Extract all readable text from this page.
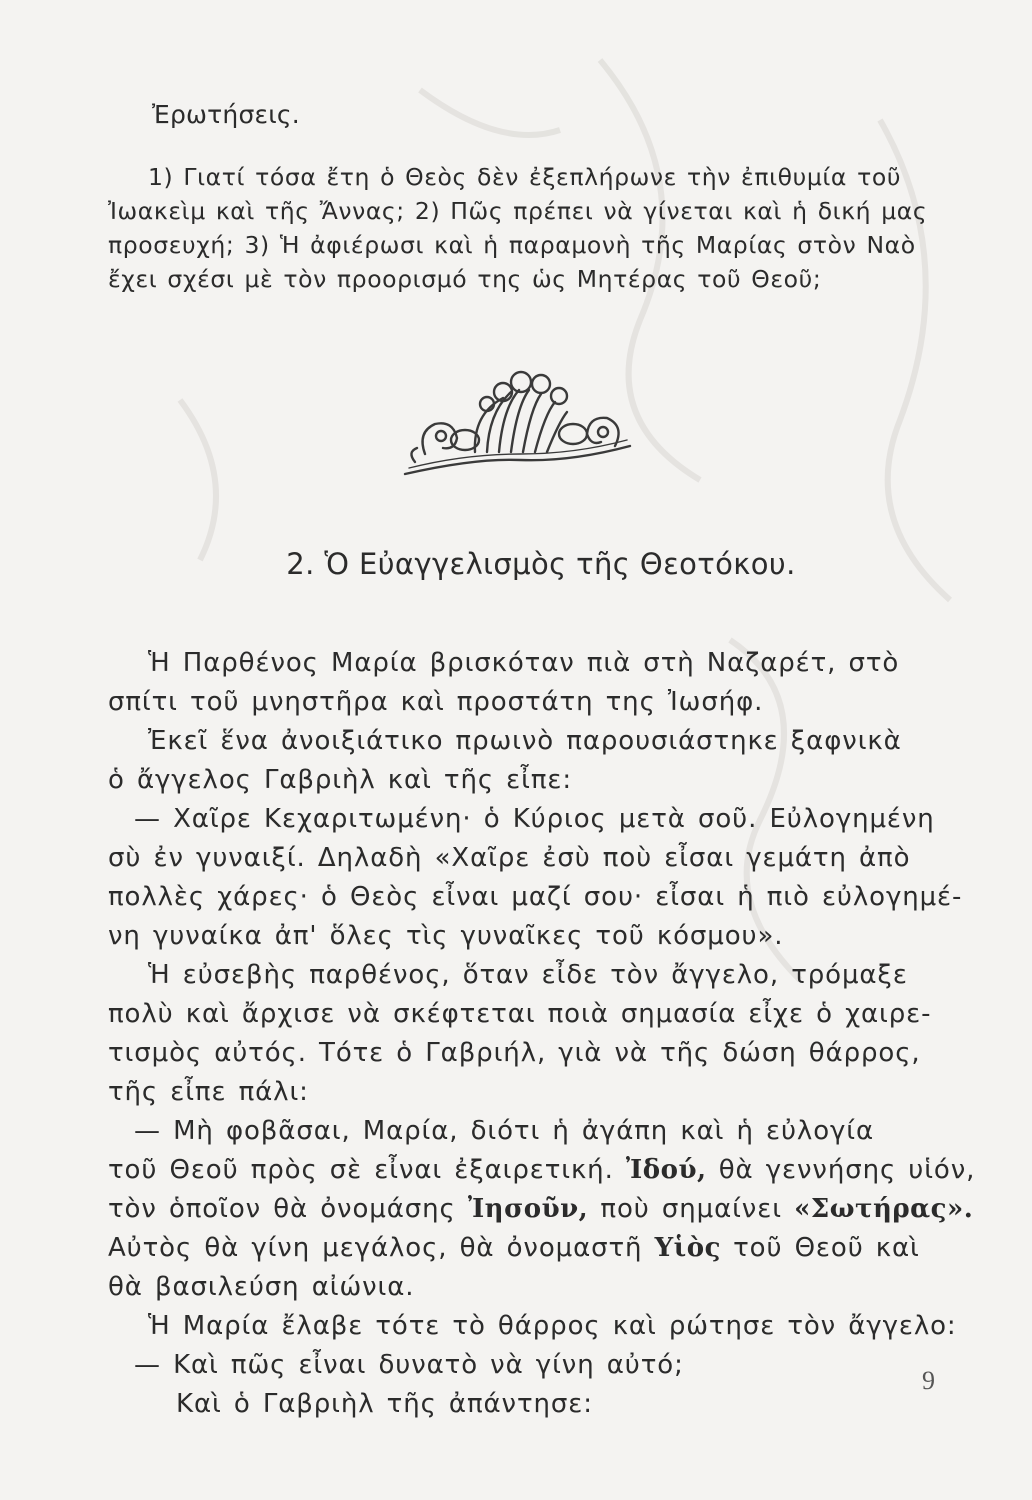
Ἐρωτήσεις.
1) Γιατί τόσα ἔτη ὁ Θεὸς δὲν ἐξεπλήρωνε τὴν ἐπιθυμία τοῦ
Ἰωακεὶμ καὶ τῆς Ἄννας; 2) Πῶς πρέπει νὰ γίνεται καὶ ἡ δική μας
προσευχή; 3) Ἡ ἀφιέρωσι καὶ ἡ παραμονὴ τῆς Μαρίας στὸν Ναὸ
ἔχει σχέσι μὲ τὸν προορισμό της ὡς Μητέρας τοῦ Θεοῦ;
2. Ὁ Εὐαγγελισμὸς τῆς Θεοτόκου.
Ἡ Παρθένος Μαρία βρισκόταν πιὰ στὴ Ναζαρέτ, στὸ
σπίτι τοῦ μνηστῆρα καὶ προστάτη της Ἰωσήφ.
Ἐκεῖ ἕνα ἀνοιξιάτικο πρωινὸ παρουσιάστηκε ξαφνικὰ
ὁ ἄγγελος Γαβριὴλ καὶ τῆς εἶπε:
— Χαῖρε Κεχαριτωμένη· ὁ Κύριος μετὰ σοῦ. Εὐλογημένη
σὺ ἐν γυναιξί. Δηλαδὴ «Χαῖρε ἐσὺ ποὺ εἶσαι γεμάτη ἀπὸ
πολλὲς χάρες· ὁ Θεὸς εἶναι μαζί σου· εἶσαι ἡ πιὸ εὐλογημέ-
νη γυναίκα ἀπ' ὅλες τὶς γυναῖκες τοῦ κόσμου».
Ἡ εὐσεβὴς παρθένος, ὅταν εἶδε τὸν ἄγγελο, τρόμαξε
πολὺ καὶ ἄρχισε νὰ σκέφτεται ποιὰ σημασία εἶχε ὁ χαιρε-
τισμὸς αὐτός. Τότε ὁ Γαβριήλ, γιὰ νὰ τῆς δώση θάρρος,
τῆς εἶπε πάλι:
— Μὴ φοβᾶσαι, Μαρία, διότι ἡ ἀγάπη καὶ ἡ εὐλογία
τοῦ Θεοῦ πρὸς σὲ εἶναι ἐξαιρετική. Ἰδού, θὰ γεννήσης υἱόν,
τὸν ὁποῖον θὰ ὀνομάσης Ἰησοῦν, ποὺ σημαίνει «Σωτήρας».
Αὐτὸς θὰ γίνη μεγάλος, θὰ ὀνομαστῆ Υἱὸς τοῦ Θεοῦ καὶ
θὰ βασιλεύση αἰώνια.
Ἡ Μαρία ἔλαβε τότε τὸ θάρρος καὶ ρώτησε τὸν ἄγγελο:
— Καὶ πῶς εἶναι δυνατὸ νὰ γίνη αὐτό;
Καὶ ὁ Γαβριὴλ τῆς ἀπάντησε:
9
